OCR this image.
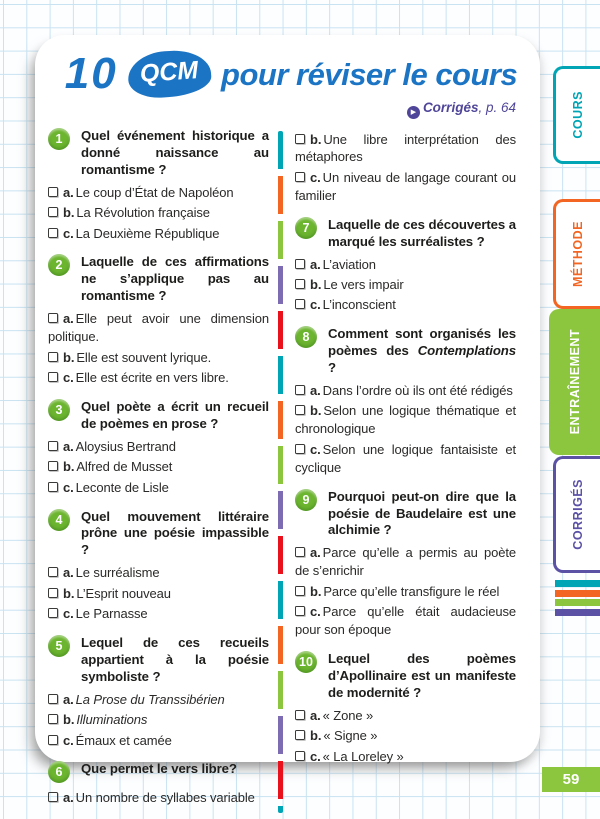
10 QCM pour réviser le cours
▶ Corrigés, p. 64
1	Quel événement historique a donné naissance au romantisme ?
a. Le coup d’État de Napoléon
b. La Révolution française
c. La Deuxième République
2	Laquelle de ces affirmations ne s’applique pas au romantisme ?
a. Elle peut avoir une dimension politique.
b. Elle est souvent lyrique.
c. Elle est écrite en vers libre.
3	Quel poète a écrit un recueil de poèmes en prose ?
a. Aloysius Bertrand
b. Alfred de Musset
c. Leconte de Lisle
4	Quel mouvement littéraire prône une poésie impassible ?
a. Le surréalisme
b. L’Esprit nouveau
c. Le Parnasse
5	Lequel de ces recueils appartient à la poésie symboliste ?
a. La Prose du Transsibérien
b. Illuminations
c. Émaux et camée
6	Que permet le vers libre?
a. Un nombre de syllabes variable
b. Une libre interprétation des métaphores
c. Un niveau de langage courant ou familier
7	Laquelle de ces découvertes a marqué les surréalistes ?
a. L’aviation
b. Le vers impair
c. L’inconscient
8	Comment sont organisés les poèmes des Contemplations ?
a. Dans l’ordre où ils ont été rédigés
b. Selon une logique thématique et chronologique
c. Selon une logique fantaisiste et cyclique
9	Pourquoi peut-on dire que la poésie de Baudelaire est une alchimie ?
a. Parce qu’elle a permis au poète de s’enrichir
b. Parce qu’elle transfigure le réel
c. Parce qu’elle était audacieuse pour son époque
10	Lequel des poèmes d’Apollinaire est un manifeste de modernité ?
a. « Zone »
b. « Signe »
c. « La Loreley »
COURS
MÉTHODE
ENTRAÎNEMENT
CORRIGÉS
59
